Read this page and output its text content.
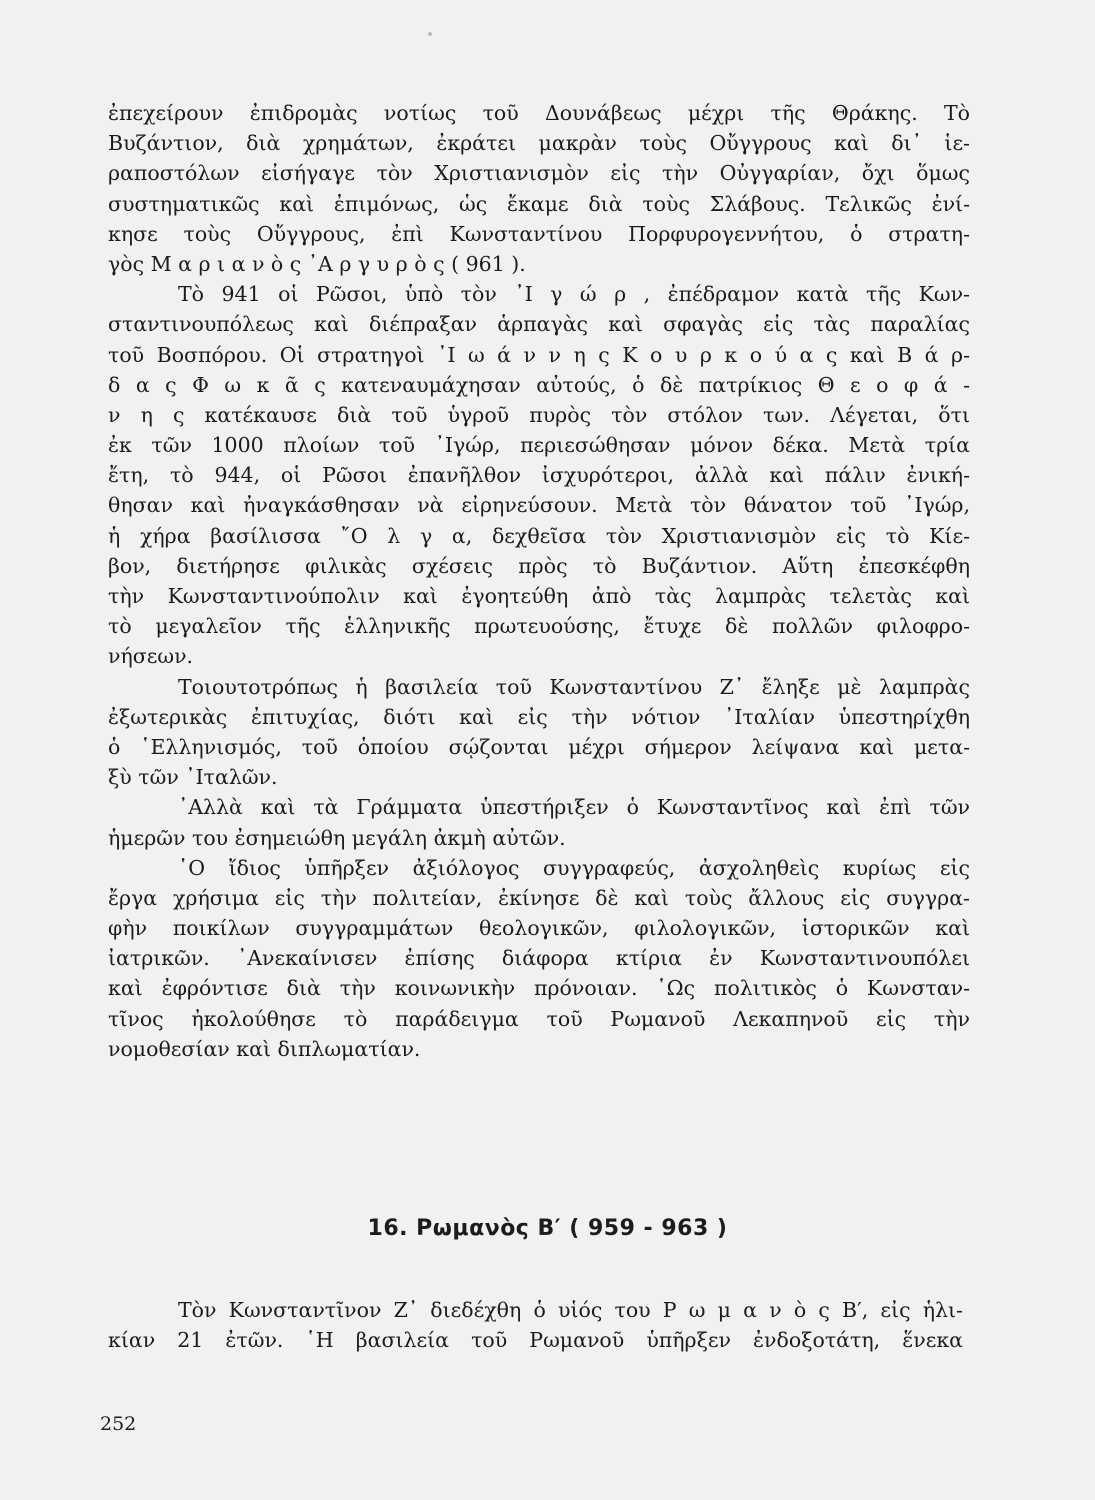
ἐπεχείρουν ἐπιδρομὰς νοτίως τοῦ Δουνάβεως μέχρι τῆς Θράκης. Τὸ
Βυζάντιον, διὰ χρημάτων, ἐκράτει μακρὰν τοὺς Οὔγγρους καὶ δι᾽ ἱε-
ραποστόλων εἰσήγαγε τὸν Χριστιανισμὸν εἰς τὴν Οὐγγαρίαν, ὄχι ὅμως
συστηματικῶς καὶ ἐπιμόνως, ὡς ἔκαμε διὰ τοὺς Σλάβους. Τελικῶς ἐνί-
κησε τοὺς Οὔγγρους, ἐπὶ Κωνσταντίνου Πορφυρογεννήτου, ὁ στρατη-
γὸς Μ α ρ ι α ν ὸ ς ᾽Α ρ γ υ ρ ὸ ς ( 961 ).
Τὸ 941 οἱ Ρῶσοι, ὑπὸ τὸν ᾽Ι γ ώ ρ , ἐπέδραμον κατὰ τῆς Κων-
σταντινουπόλεως καὶ διέπραξαν ἁρπαγὰς καὶ σφαγὰς εἰς τὰς παραλίας
τοῦ Βοσπόρου. Οἱ στρατηγοὶ ᾽Ι ω ά ν ν η ς Κ ο υ ρ κ ο ύ α ς καὶ Β ά ρ-
δ α ς Φ ω κ ᾶ ς κατεναυμάχησαν αὐτούς, ὁ δὲ πατρίκιος Θ ε ο φ ά -
ν η ς κατέκαυσε διὰ τοῦ ὑγροῦ πυρὸς τὸν στόλον των. Λέγεται, ὅτι
ἐκ τῶν 1000 πλοίων τοῦ ᾽Ιγώρ, περιεσώθησαν μόνον δέκα. Μετὰ τρία
ἔτη, τὸ 944, οἱ Ρῶσοι ἐπανῆλθον ἰσχυρότεροι, ἀλλὰ καὶ πάλιν ἐνική-
θησαν καὶ ἠναγκάσθησαν νὰ εἰρηνεύσουν. Μετὰ τὸν θάνατον τοῦ ᾽Ιγώρ,
ἡ χήρα βασίλισσα ῎Ο λ γ α, δεχθεῖσα τὸν Χριστιανισμὸν εἰς τὸ Κίε-
βον, διετήρησε φιλικὰς σχέσεις πρὸς τὸ Βυζάντιον. Αὕτη ἐπεσκέφθη
τὴν Κωνσταντινούπολιν καὶ ἐγοητεύθη ἀπὸ τὰς λαμπρὰς τελετὰς καὶ
τὸ μεγαλεῖον τῆς ἑλληνικῆς πρωτευούσης, ἔτυχε δὲ πολλῶν φιλοφρο-
νήσεων.
Τοιουτοτρόπως ἡ βασιλεία τοῦ Κωνσταντίνου Ζ᾽ ἔληξε μὲ λαμπρὰς
ἐξωτερικὰς ἐπιτυχίας, διότι καὶ εἰς τὴν νότιον ᾽Ιταλίαν ὑπεστηρίχθη
ὁ ῾Ελληνισμός, τοῦ ὁποίου σῴζονται μέχρι σήμερον λείψανα καὶ μετα-
ξὺ τῶν ᾽Ιταλῶν.
᾽Αλλὰ καὶ τὰ Γράμματα ὑπεστήριξεν ὁ Κωνσταντῖνος καὶ ἐπὶ τῶν
ἡμερῶν του ἐσημειώθη μεγάλη ἀκμὴ αὐτῶν.
῾Ο ἴδιος ὑπῆρξεν ἀξιόλογος συγγραφεύς, ἀσχοληθεὶς κυρίως εἰς
ἔργα χρήσιμα εἰς τὴν πολιτείαν, ἐκίνησε δὲ καὶ τοὺς ἄλλους εἰς συγγρα-
φὴν ποικίλων συγγραμμάτων θεολογικῶν, φιλολογικῶν, ἱστορικῶν καὶ
ἰατρικῶν. ᾽Ανεκαίνισεν ἐπίσης διάφορα κτίρια ἐν Κωνσταντινουπόλει
καὶ ἐφρόντισε διὰ τὴν κοινωνικὴν πρόνοιαν. ῾Ως πολιτικὸς ὁ Κωνσταν-
τῖνος ἠκολούθησε τὸ παράδειγμα τοῦ Ρωμανοῦ Λεκαπηνοῦ εἰς τὴν
νομοθεσίαν καὶ διπλωματίαν.
16. Ρωμανὸς Β′ ( 959 - 963 )
Τὸν Κωνσταντῖνον Ζ᾽ διεδέχθη ὁ υἱός του Ρ ω μ α ν ὸ ς Β′, εἰς ἡλι-
κίαν 21 ἐτῶν. ῾Η βασιλεία τοῦ Ρωμανοῦ ὑπῆρξεν ἐνδοξοτάτη, ἕνεκα
252
